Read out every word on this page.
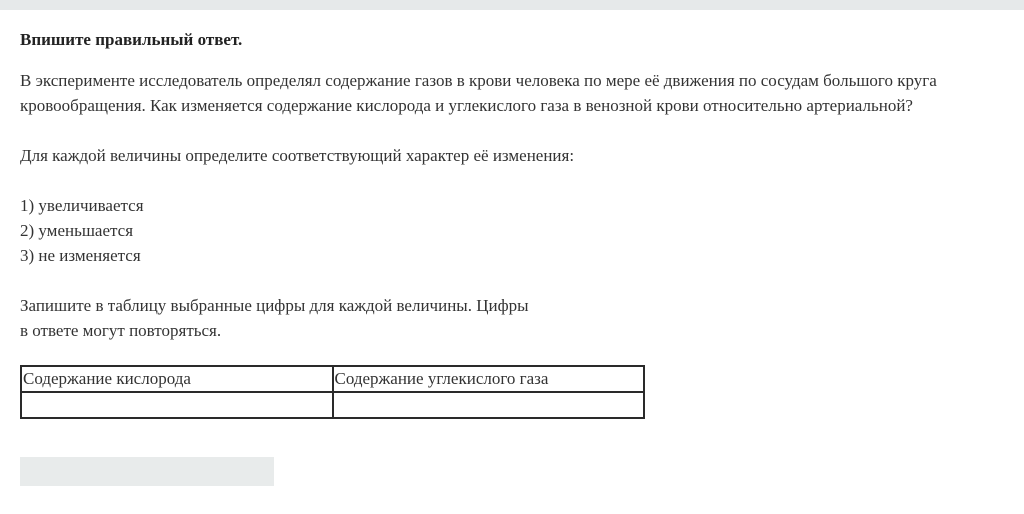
Впишите правильный ответ.

В эксперименте исследователь определял содержание газов в крови человека по мере её движения по сосудам большого круга

кровообращения. Как изменяется содержание кислорода и углекислого газа в венозной крови относительно артериальной?

Для каждой величины определите соответствующий характер её изменения:

1) увеличивается

2) уменьшается

3) не изменяется

Запишите в таблицу выбранные цифры для каждой величины. Цифры

в ответе могут повторяться.

Содержание кислорода	Содержание углекислого газа
